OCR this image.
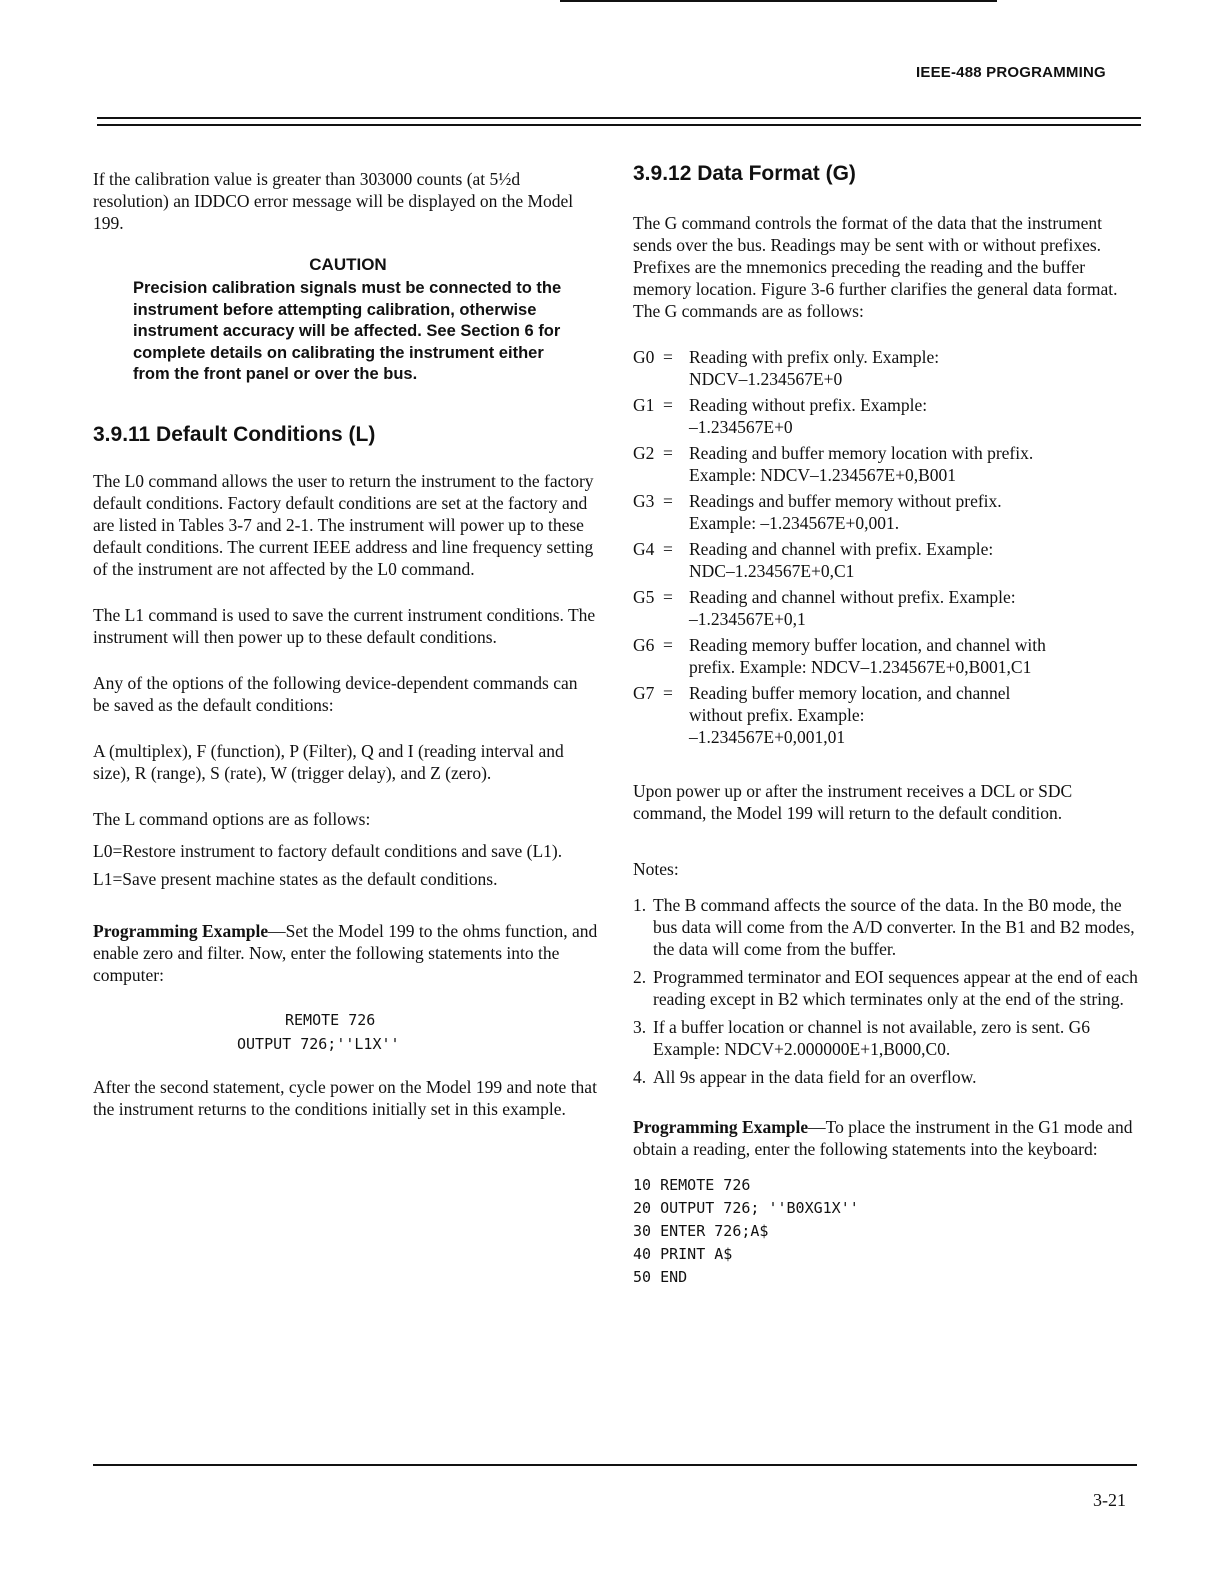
IEEE-488 PROGRAMMING

If the calibration value is greater than 303000 counts (at 5½d resolution) an IDDCO error message will be displayed on the Model 199.

CAUTION
Precision calibration signals must be connected to the instrument before attempting calibration, otherwise instrument accuracy will be affected. See Section 6 for complete details on calibrating the instrument either from the front panel or over the bus.
3.9.11 Default Conditions (L)

The L0 command allows the user to return the instrument to the factory default conditions. Factory default conditions are set at the factory and are listed in Tables 3-7 and 2-1. The instrument will power up to these default conditions. The current IEEE address and line frequency setting of the instrument are not affected by the L0 command.

The L1 command is used to save the current instrument conditions. The instrument will then power up to these default conditions.

Any of the options of the following device-dependent commands can be saved as the default conditions:

A (multiplex), F (function), P (Filter), Q and I (reading interval and size), R (range), S (rate), W (trigger delay), and Z (zero).

The L command options are as follows:

L0=Restore instrument to factory default conditions and save (L1).

L1=Save present machine states as the default conditions.

Programming Example—Set the Model 199 to the ohms function, and enable zero and filter. Now, enter the following statements into the computer:

REMOTE 726
OUTPUT 726;''L1X''

After the second statement, cycle power on the Model 199 and note that the instrument returns to the conditions initially set in this example.

3.9.12 Data Format (G)

The G command controls the format of the data that the instrument sends over the bus. Readings may be sent with or without prefixes. Prefixes are the mnemonics preceding the reading and the buffer memory location. Figure 3-6 further clarifies the general data format. The G commands are as follows:

G0 = Reading with prefix only. Example:
NDCV–1.234567E+0
G1 = Reading without prefix. Example:
–1.234567E+0
G2 = Reading and buffer memory location with prefix.
Example: NDCV–1.234567E+0,B001
G3 = Readings and buffer memory without prefix.
Example: –1.234567E+0,001.
G4 = Reading and channel with prefix. Example:
NDC–1.234567E+0,C1
G5 = Reading and channel without prefix. Example:
–1.234567E+0,1
G6 = Reading memory buffer location, and channel with
prefix. Example: NDCV–1.234567E+0,B001,C1
G7 = Reading buffer memory location, and channel
without prefix. Example:
–1.234567E+0,001,01

Upon power up or after the instrument receives a DCL or SDC command, the Model 199 will return to the default condition.

Notes:

1. The B command affects the source of the data. In the B0 mode, the bus data will come from the A/D converter. In the B1 and B2 modes, the data will come from the buffer.
2. Programmed terminator and EOI sequences appear at the end of each reading except in B2 which terminates only at the end of the string.
3. If a buffer location or channel is not available, zero is sent. G6 Example: NDCV+2.000000E+1,B000,C0.
4. All 9s appear in the data field for an overflow.

Programming Example—To place the instrument in the G1 mode and obtain a reading, enter the following statements into the keyboard:

10 REMOTE 726
20 OUTPUT 726; ''B0XG1X''
30 ENTER 726;A$
40 PRINT A$
50 END
3-21
